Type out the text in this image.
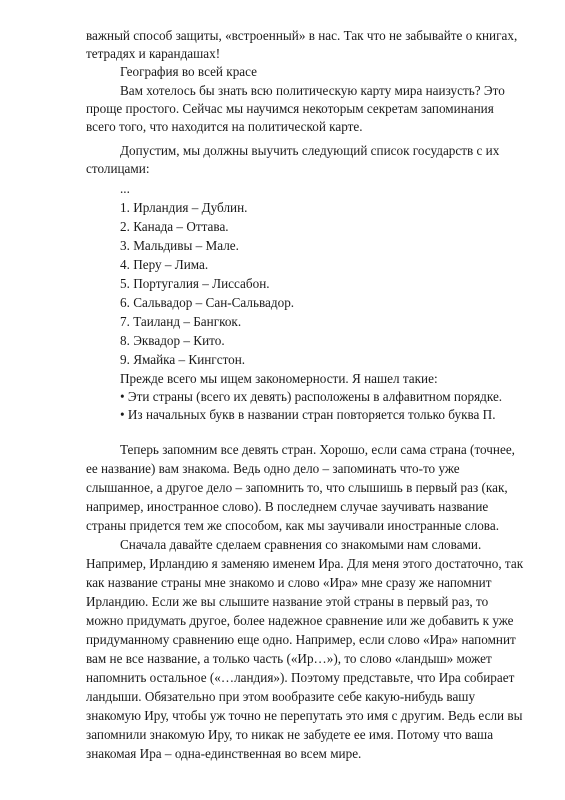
важный способ защиты, «встроенный» в нас. Так что не забывайте о книгах,
тетрадях и карандашах!
География во всей красе
Вам хотелось бы знать всю политическую карту мира наизусть? Это
проще простого. Сейчас мы научимся некоторым секретам запоминания
всего того, что находится на политической карте.
Допустим, мы должны выучить следующий список государств с их
столицами:
...
1. Ирландия – Дублин.
2. Канада – Оттава.
3. Мальдивы – Мале.
4. Перу – Лима.
5. Португалия – Лиссабон.
6. Сальвадор – Сан-Сальвадор.
7. Таиланд – Бангкок.
8. Эквадор – Кито.
9. Ямайка – Кингстон.
Прежде всего мы ищем закономерности. Я нашел такие:
• Эти страны (всего их девять) расположены в алфавитном порядке.
• Из начальных букв в названии стран повторяется только буква П.
Теперь запомним все девять стран. Хорошо, если сама страна (точнее,
ее название) вам знакома. Ведь одно дело – запоминать что-то уже
слышанное, а другое дело – запомнить то, что слышишь в первый раз (как,
например, иностранное слово). В последнем случае заучивать название
страны придется тем же способом, как мы заучивали иностранные слова.
Сначала давайте сделаем сравнения со знакомыми нам словами.
Например, Ирландию я заменяю именем Ира. Для меня этого достаточно, так
как название страны мне знакомо и слово «Ира» мне сразу же напомнит
Ирландию. Если же вы слышите название этой страны в первый раз, то
можно придумать другое, более надежное сравнение или же добавить к уже
придуманному сравнению еще одно. Например, если слово «Ира» напомнит
вам не все название, а только часть («Ир…»), то слово «ландыш» может
напомнить остальное («…ландия»). Поэтому представьте, что Ира собирает
ландыши. Обязательно при этом вообразите себе какую-нибудь вашу
знакомую Иру, чтобы уж точно не перепутать это имя с другим. Ведь если вы
запомнили знакомую Иру, то никак не забудете ее имя. Потому что ваша
знакомая Ира – одна-единственная во всем мире.
